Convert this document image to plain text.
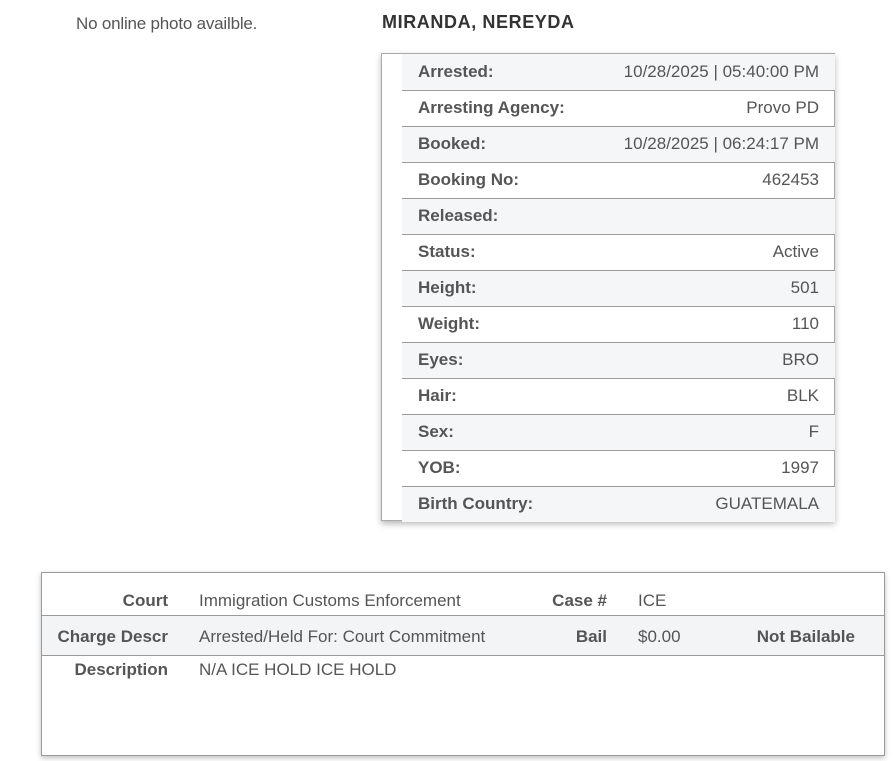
No online photo availble.	MIRANDA, NEREYDA
Arrested:	10/28/2025 | 05:40:00 PM
Arresting Agency:	Provo PD
Booked:	10/28/2025 | 06:24:17 PM
Booking No:	462453
Released:	
Status:	Active
Height:	501
Weight:	110
Eyes:	BRO
Hair:	BLK
Sex:	F
YOB:	1997
Birth Country:	GUATEMALA
Court	Immigration Customs Enforcement	Case #	ICE	
Charge Descr	Arrested/Held For: Court Commitment	Bail	$0.00	Not Bailable
Description	N/A ICE HOLD ICE HOLD			
